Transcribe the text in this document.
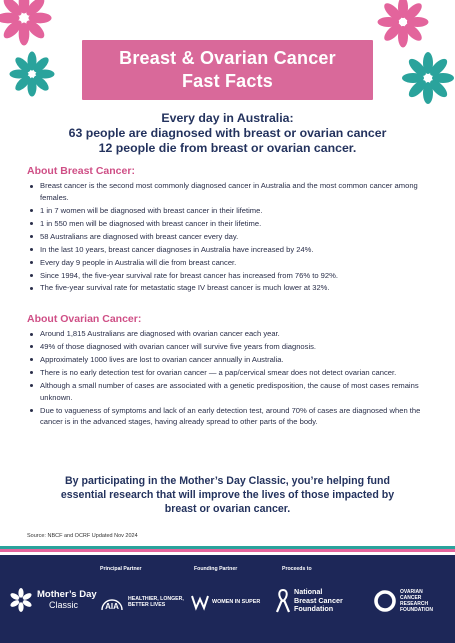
Breast & Ovarian Cancer
Fast Facts
Every day in Australia:
63 people are diagnosed with breast or ovarian cancer
12 people die from breast or ovarian cancer.
About Breast Cancer:
Breast cancer is the second most commonly diagnosed cancer in Australia and the most common cancer among females.
1 in 7 women will be diagnosed with breast cancer in their lifetime.
1 in 550 men will be diagnosed with breast cancer in their lifetime.
58 Australians are diagnosed with breast cancer every day.
In the last 10 years, breast cancer diagnoses in Australia have increased by 24%.
Every day 9 people in Australia will die from breast cancer.
Since 1994, the five-year survival rate for breast cancer has increased from 76% to 92%.
The five-year survival rate for metastatic stage IV breast cancer is much lower at 32%.
About Ovarian Cancer:
Around 1,815 Australians are diagnosed with ovarian cancer each year.
49% of those diagnosed with ovarian cancer will survive five years from diagnosis.
Approximately 1000 lives are lost to ovarian cancer annually in Australia.
There is no early detection test for ovarian cancer — a pap/cervical smear does not detect ovarian cancer.
Although a small number of cases are associated with a genetic predisposition, the cause of most cases remains unknown.
Due to vagueness of symptoms and lack of an early detection test, around 70% of cases are diagnosed when the cancer is in the advanced stages, having already spread to other parts of the body.
By participating in the Mother’s Day Classic, you’re helping fund
essential research that will improve the lives of those impacted by
breast or ovarian cancer.
Source: NBCF and OCRF Updated Nov 2024
Principal Partner	Founding Partner	Proceeds to
Mother’s Day
Classic	AIA
HEALTHIER, LONGER,
BETTER LIVES	WOMEN IN SUPER
National
Breast Cancer
Foundation
OVARIAN
CANCER
RESEARCH
FOUNDATION
